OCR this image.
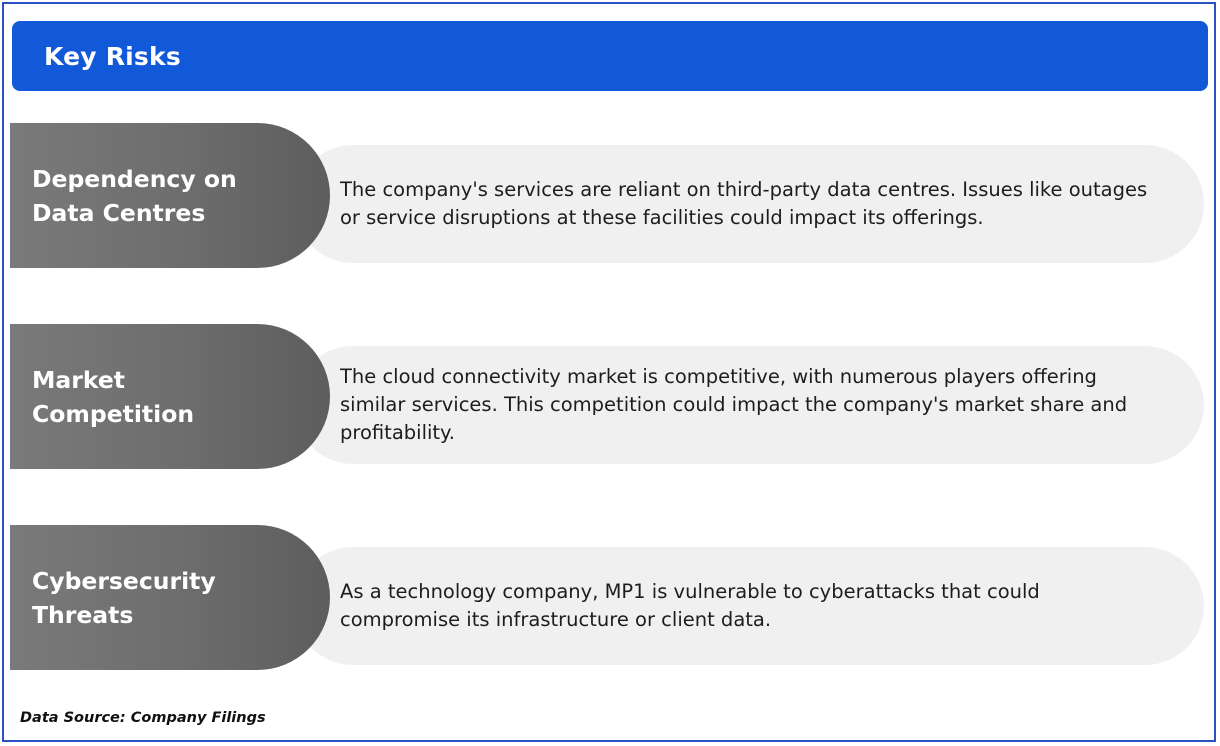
Key Risks
The company's services are reliant on third-party data centres. Issues like outages or service disruptions at these facilities could impact its offerings.
Dependency on
Data Centres
The cloud connectivity market is competitive, with numerous players offering similar services. This competition could impact the company's market share and profitability.
Market
Competition
As a technology company, MP1 is vulnerable to cyberattacks that could compromise its infrastructure or client data.
Cybersecurity
Threats
Data Source: Company Filings
